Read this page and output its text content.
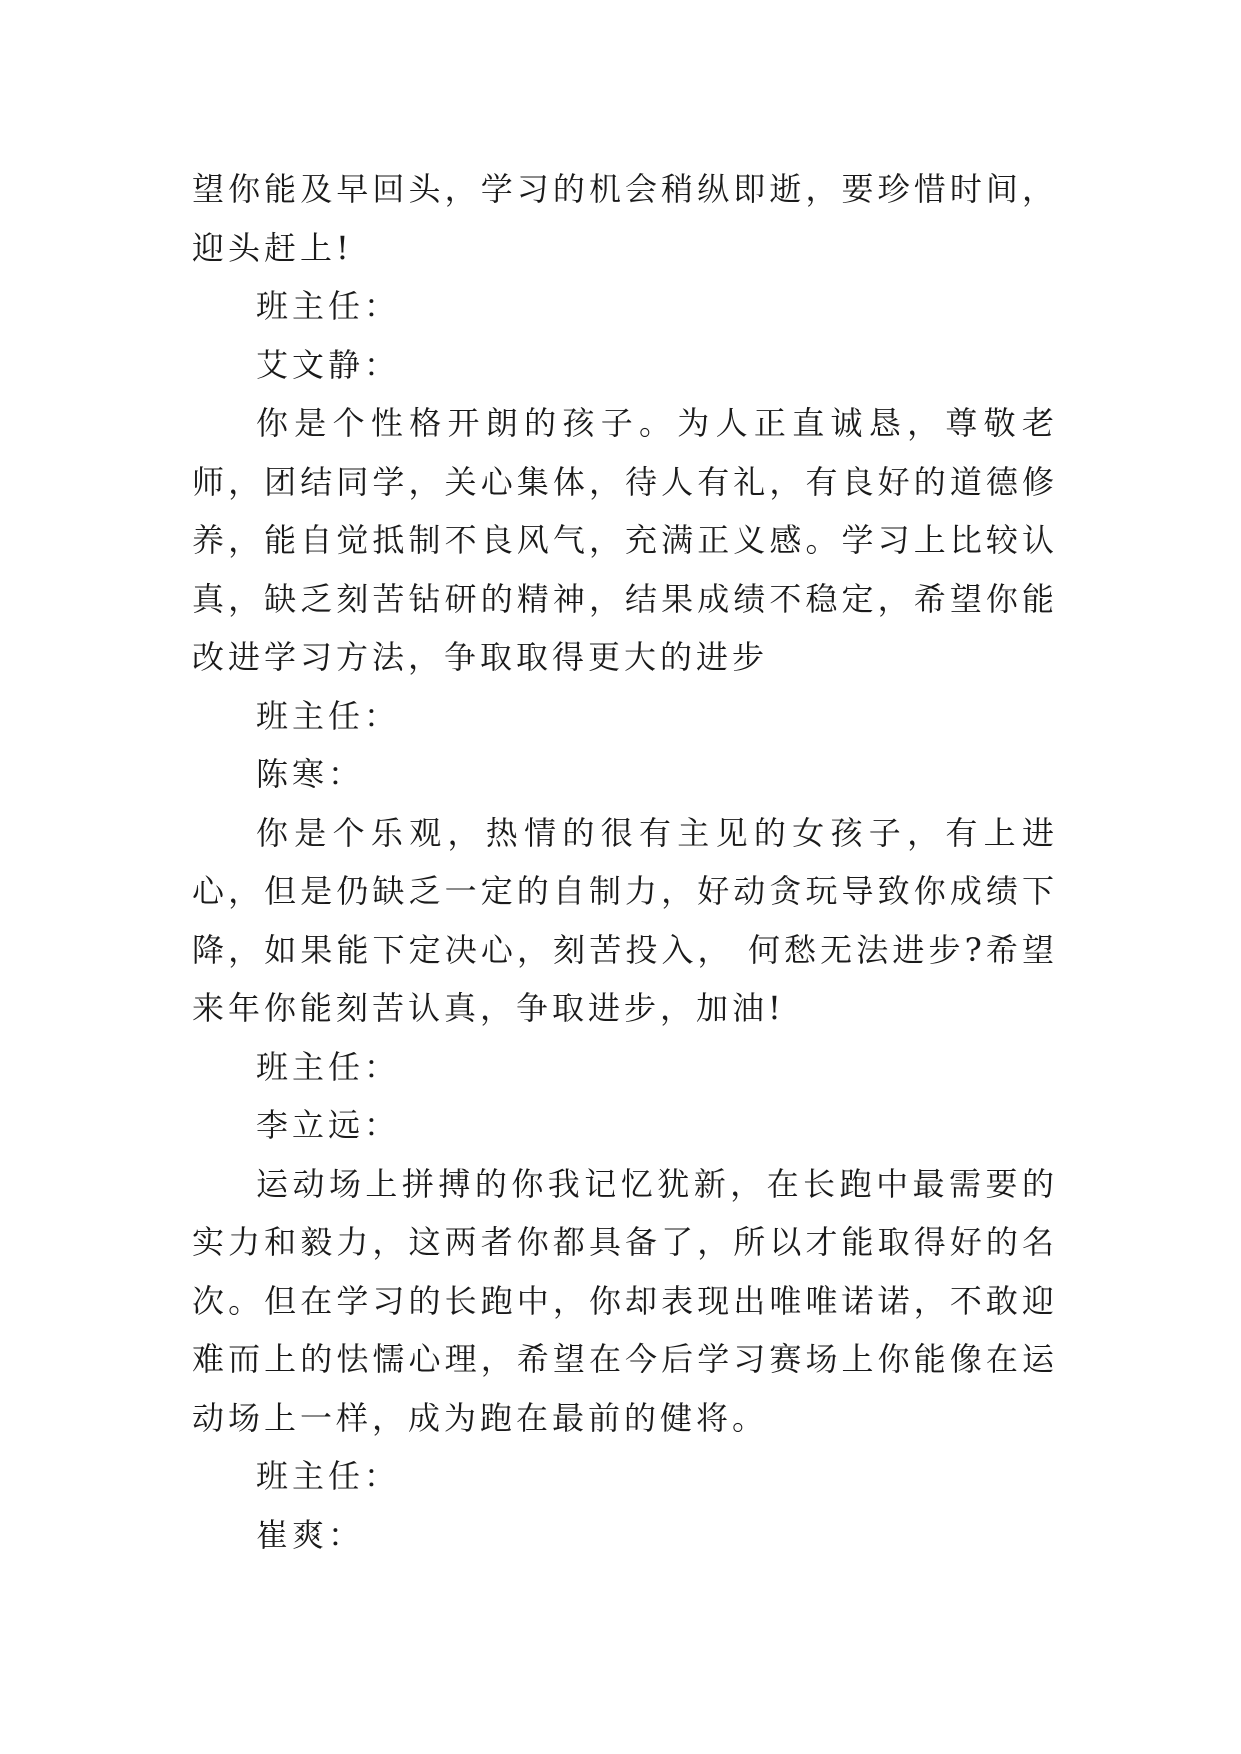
望你能及早回头，学习的机会稍纵即逝，要珍惜时间，迎头赶上!

班主任：

艾文静：

你是个性格开朗的孩子。为人正直诚恳，尊敬老师，团结同学，关心集体，待人有礼，有良好的道德修养，能自觉抵制不良风气，充满正义感。学习上比较认真，缺乏刻苦钻研的精神，结果成绩不稳定，希望你能改进学习方法，争取取得更大的进步

班主任：

陈寒：

你是个乐观，热情的很有主见的女孩子，有上进心，但是仍缺乏一定的自制力，好动贪玩导致你成绩下降，如果能下定决心，刻苦投入， 何愁无法进步?希望来年你能刻苦认真，争取进步，加油!

班主任：

李立远：

运动场上拼搏的你我记忆犹新，在长跑中最需要的实力和毅力，这两者你都具备了，所以才能取得好的名次。但在学习的长跑中，你却表现出唯唯诺诺，不敢迎难而上的怯懦心理，希望在今后学习赛场上你能像在运动场上一样，成为跑在最前的健将。

班主任：

崔爽：
